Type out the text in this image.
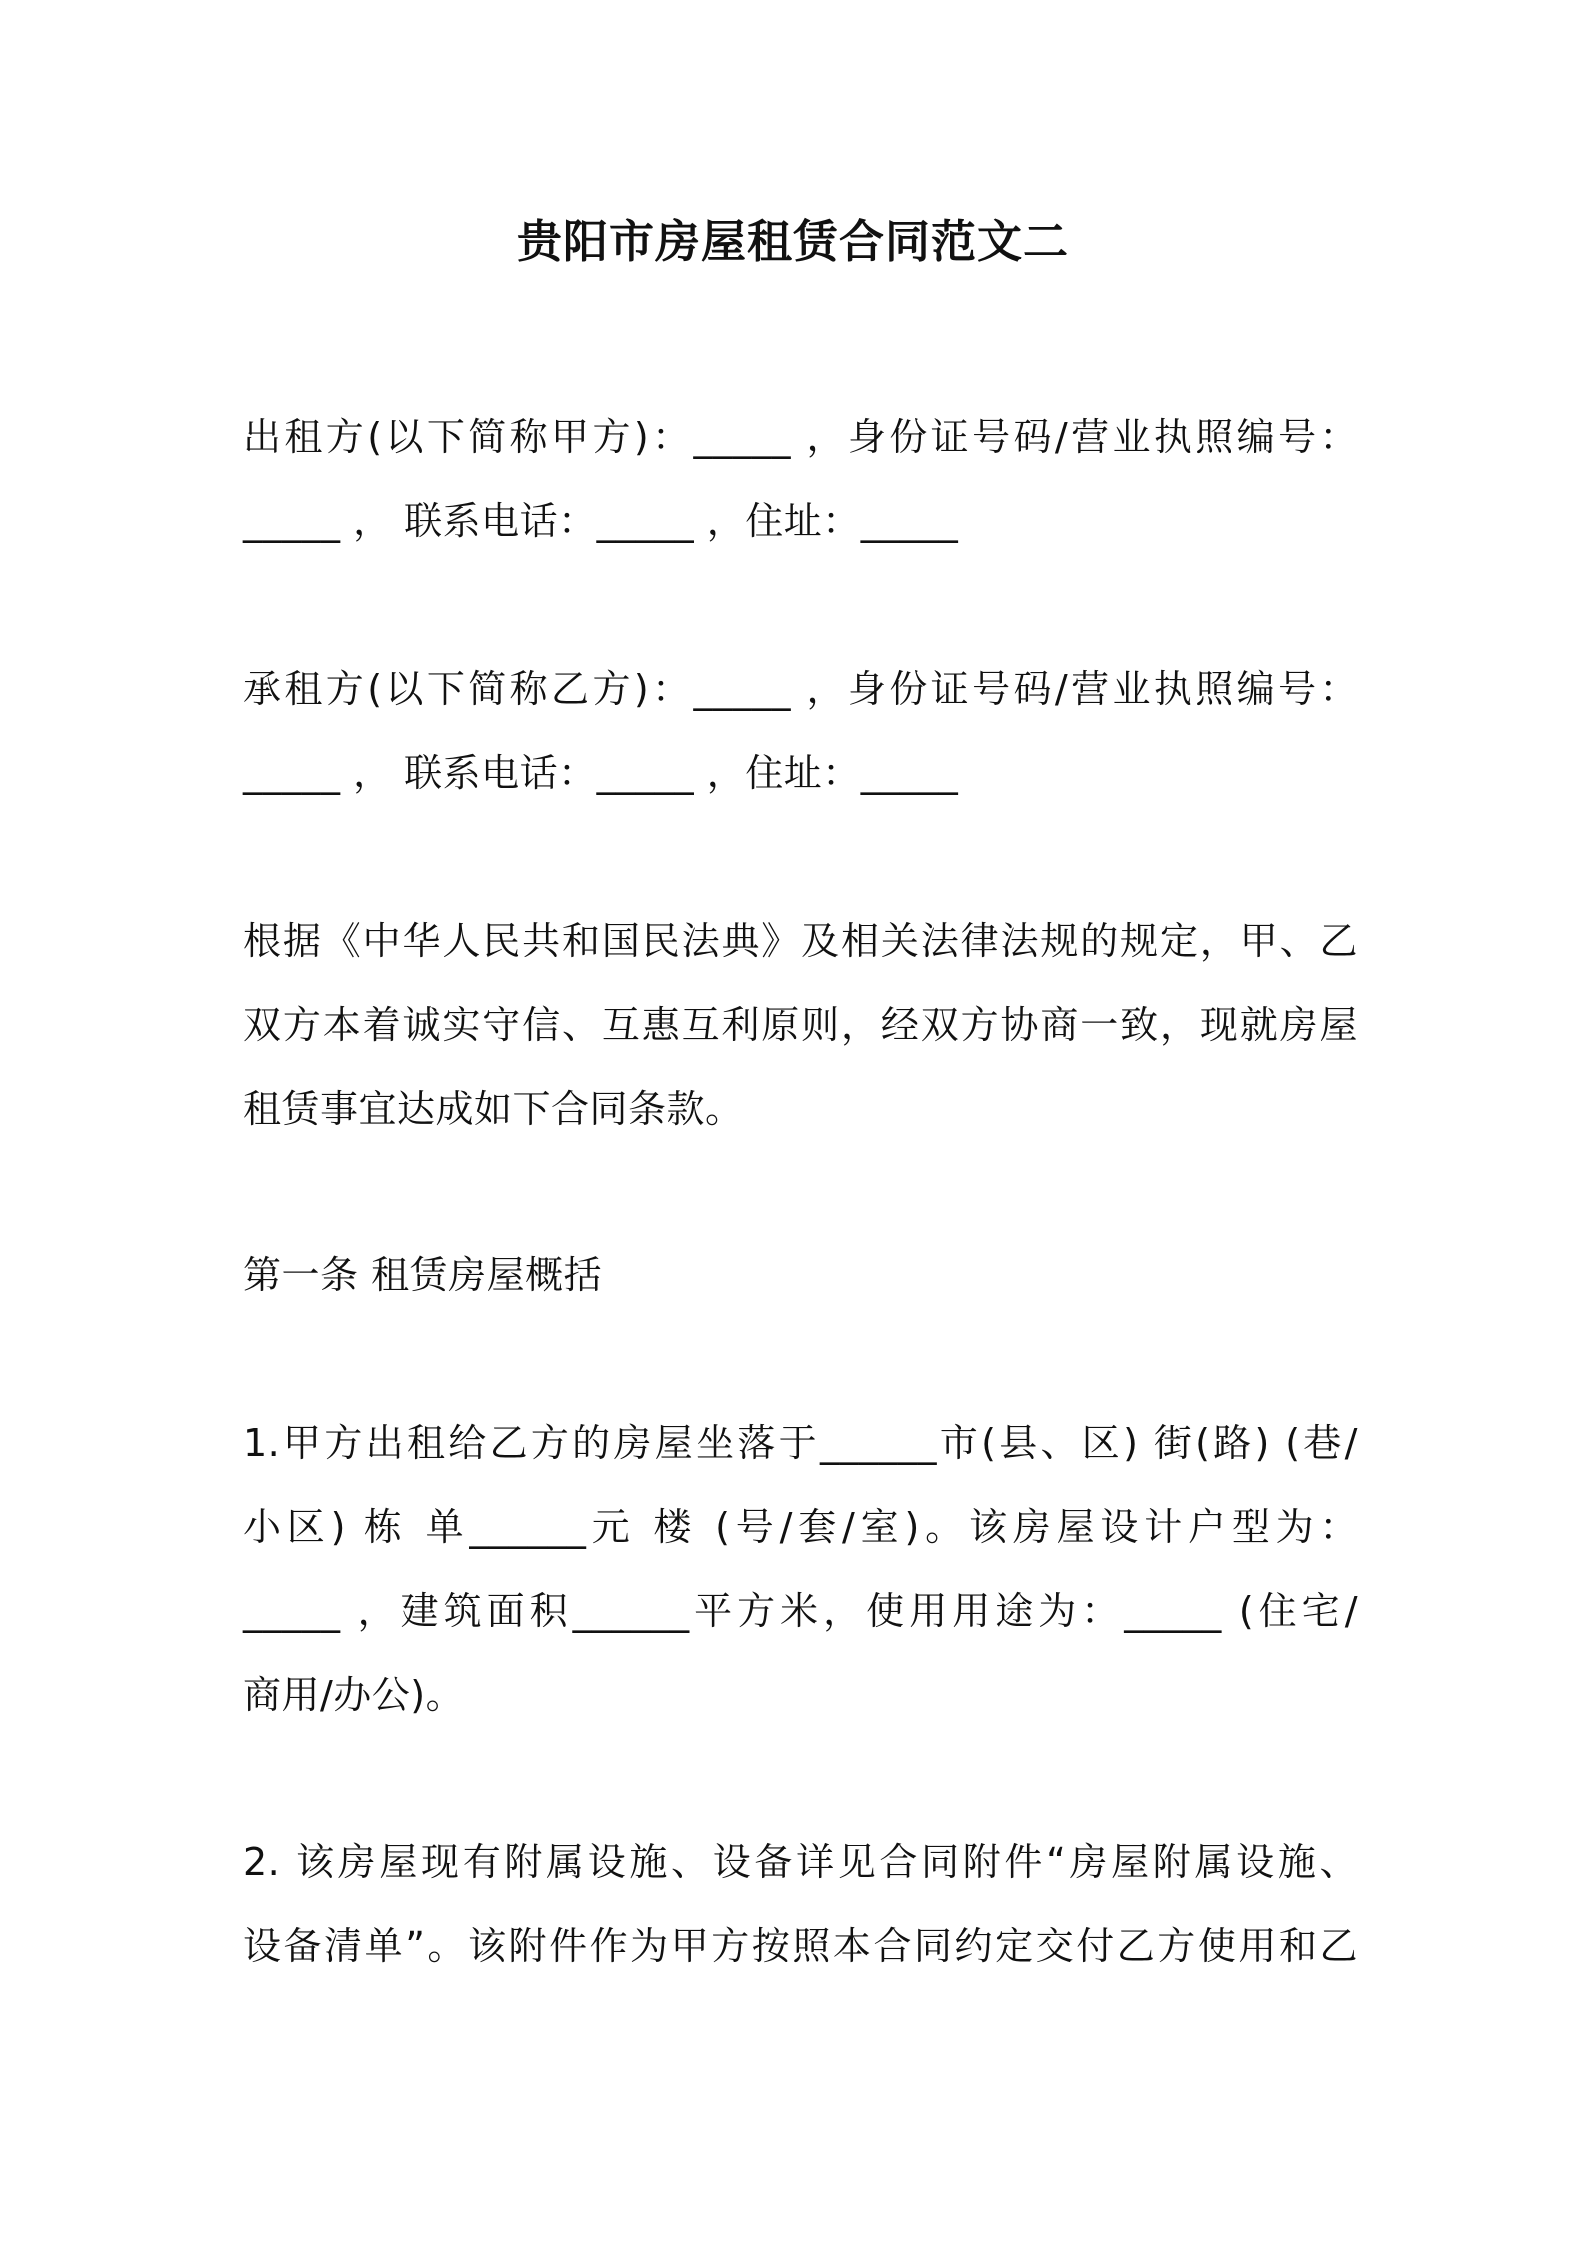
贵阳市房屋租赁合同范文二
出租方(以下简称甲方)：_____ ，身份证号码/营业执照编号：
_____ ， 联系电话：_____ ，住址：_____
承租方(以下简称乙方)：_____ ，身份证号码/营业执照编号：
_____ ， 联系电话：_____ ，住址：_____
根据《中华人民共和国民法典》及相关法律法规的规定，甲、乙
双方本着诚实守信、互惠互利原则，经双方协商一致，现就房屋
租赁事宜达成如下合同条款。
第一条 租赁房屋概括
1.甲方出租给乙方的房屋坐落于______市(县、区) 街(路) (巷/
小区) 栋 单______元 楼 (号/套/室)。该房屋设计户型为：
_____ ，建筑面积______平方米，使用用途为：_____ (住宅/
商用/办公)。
2. 该房屋现有附属设施、设备详见合同附件“房屋附属设施、
设备清单”。该附件作为甲方按照本合同约定交付乙方使用和乙
